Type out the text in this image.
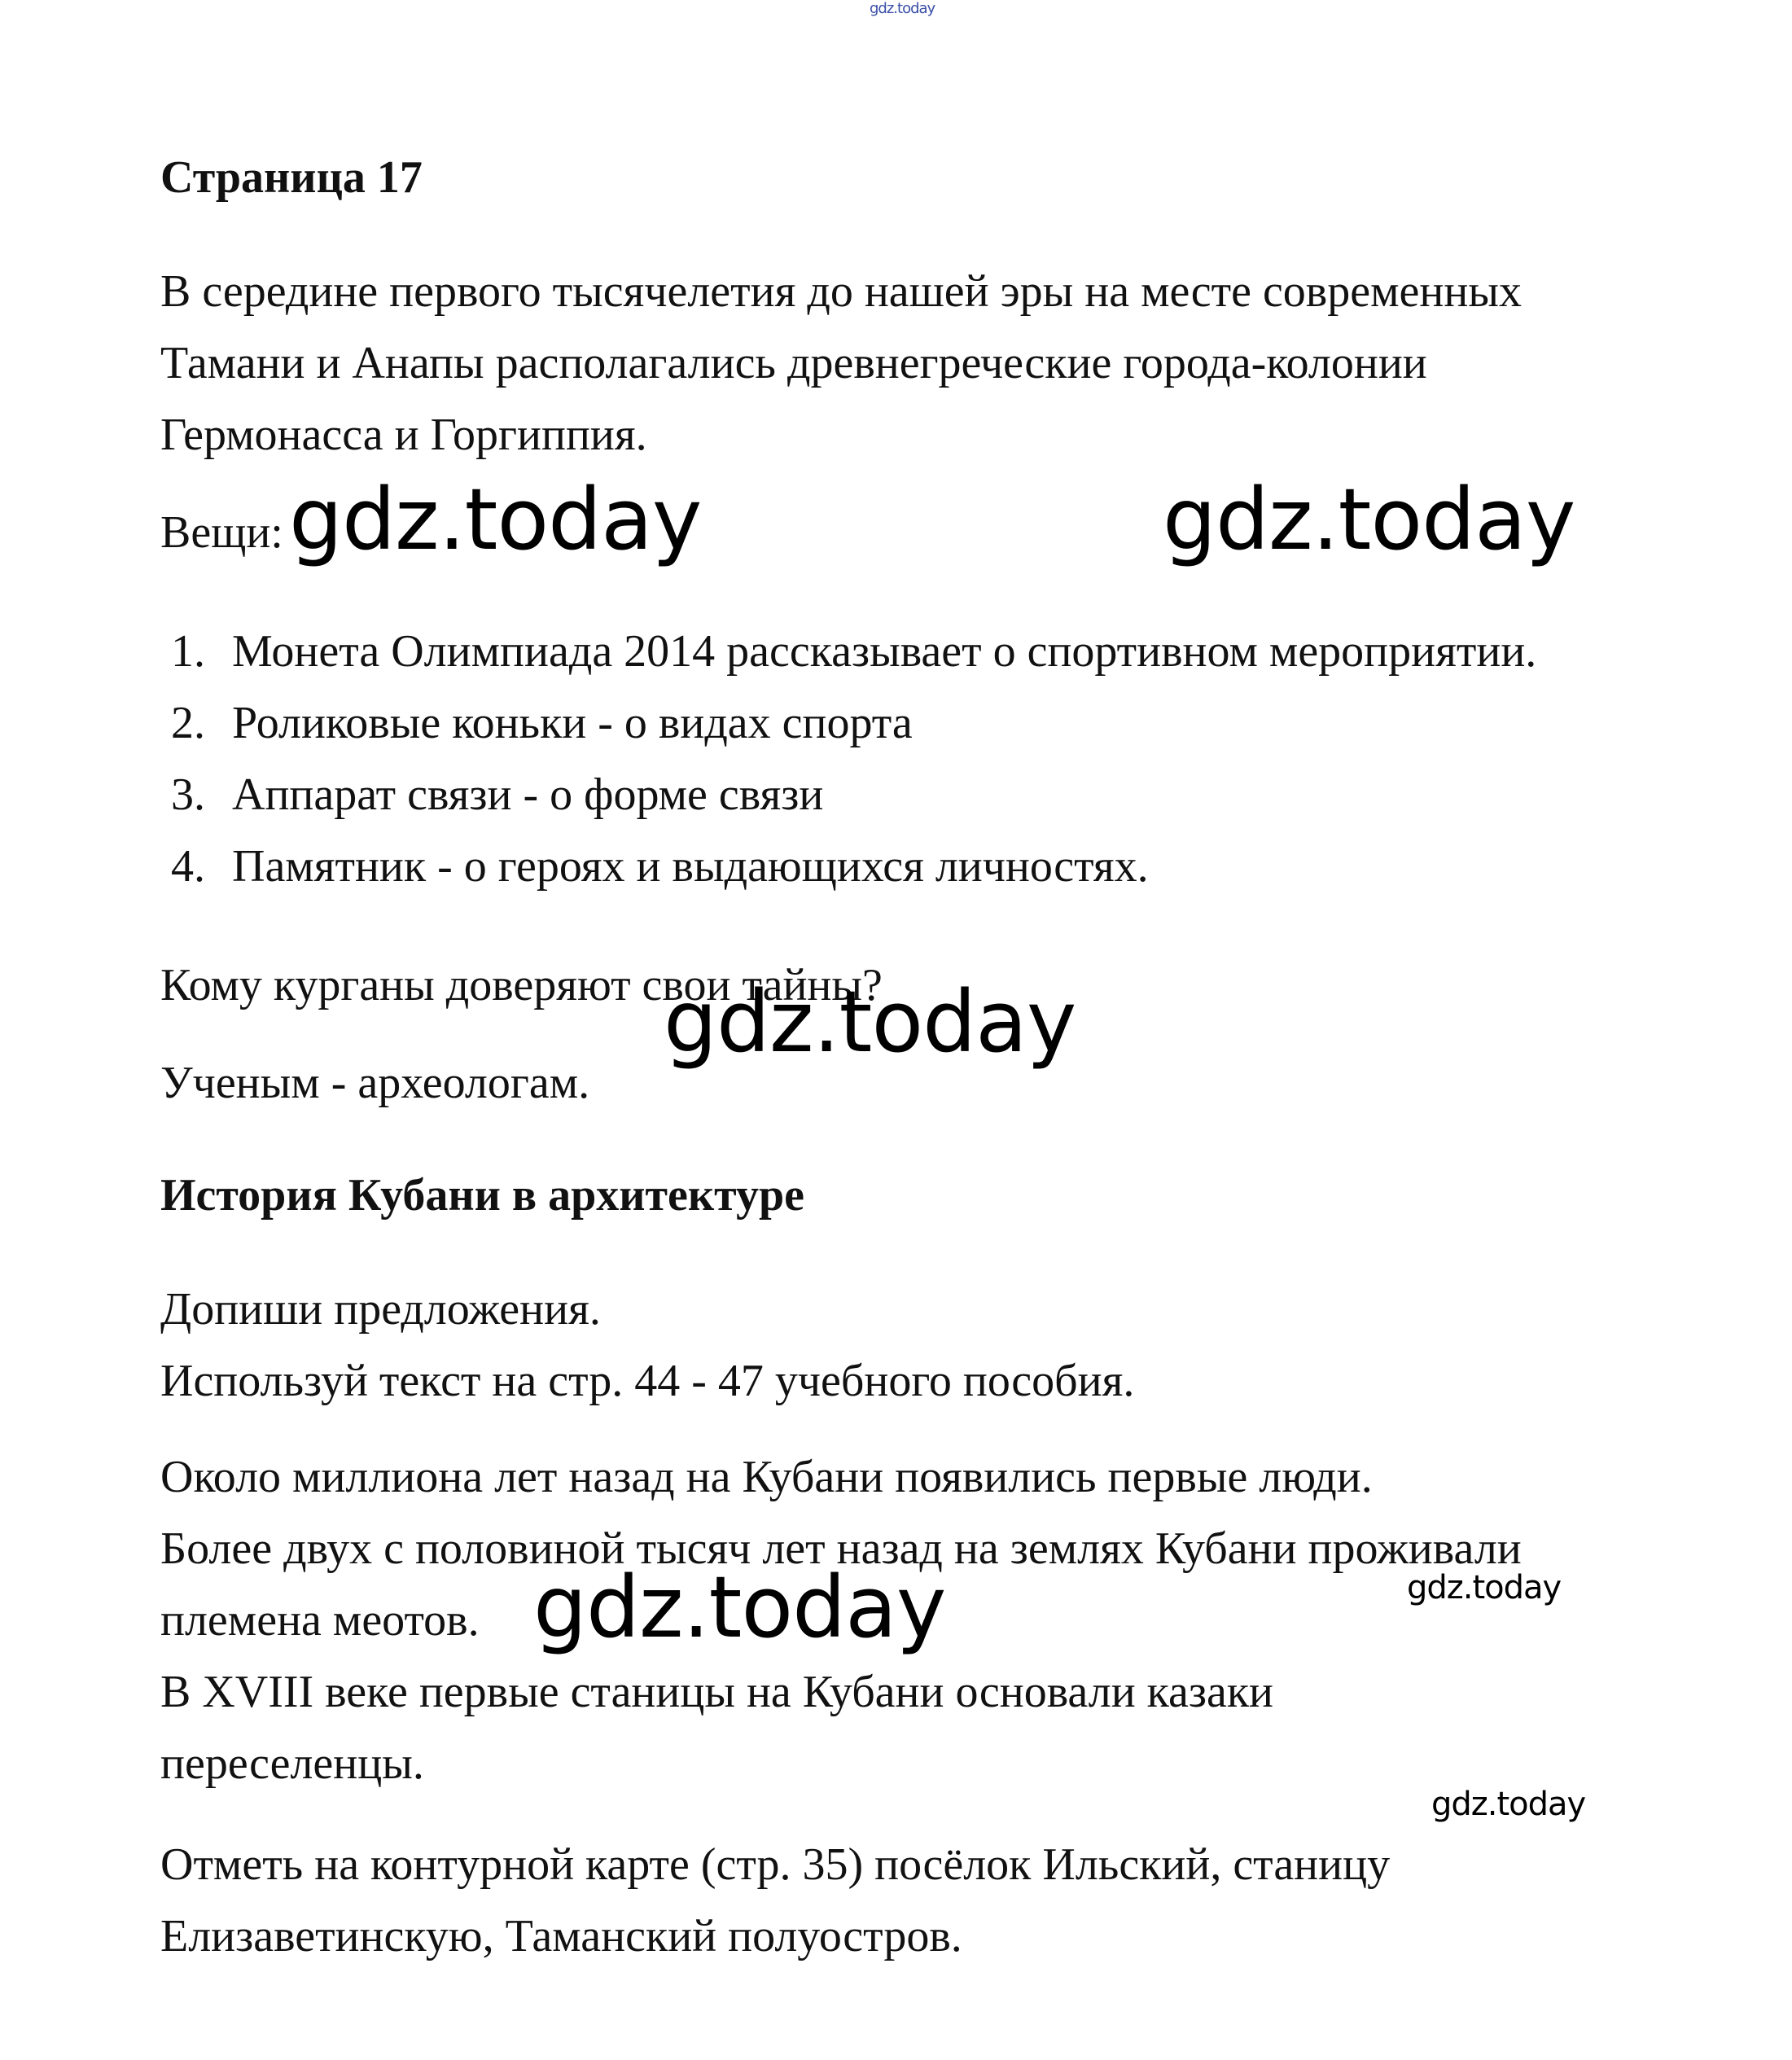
gdz.today
Страница 17
В середине первого тысячелетия до нашей эры на месте современных
Тамани и Анапы располагались древнегреческие города-колонии
Гермонасса и Горгиппия.
Вещи: gdz.today	gdz.today
1. Монета Олимпиада 2014 рассказывает о спортивном мероприятии.
2. Роликовые коньки - о видах спорта
3. Аппарат связи - о форме связи
4. Памятник - о героях и выдающихся личностях.
Кому курганы доверяют свои тайны?
Ученым - археологам.
gdz.today
История Кубани в архитектуре
Допиши предложения.
Используй текст на стр. 44 - 47 учебного пособия.
Около миллиона лет назад на Кубани появились первые люди.
Более двух с половиной тысяч лет назад на землях Кубани проживали
племена меотов. gdz.today	gdz.today
В XVIII веке первые станицы на Кубани основали казаки
переселенцы.
gdz.today
Отметь на контурной карте (стр. 35) посёлок Ильский, станицу
Елизаветинскую, Таманский полуостров.
